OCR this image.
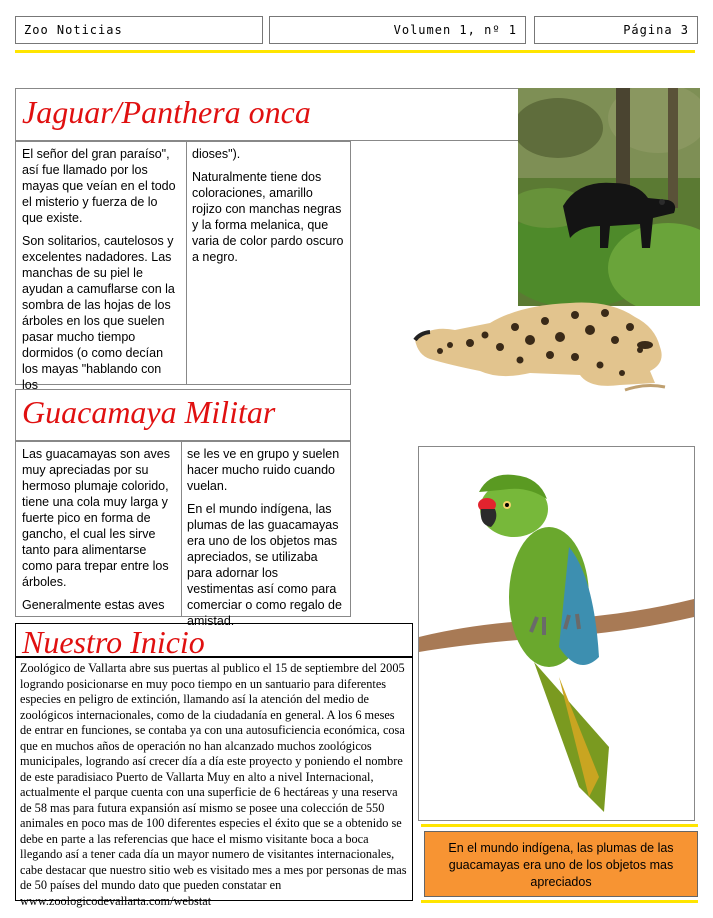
Zoo Noticias	Volumen 1, nº 1	Página 3
Jaguar/Panthera onca

El señor del gran paraíso", así fue llamado por los mayas que veían en el todo el misterio y fuerza de lo que existe.

Son solitarios, cautelosos y excelentes nadadores. Las manchas de su piel le ayudan a camuflarse con la sombra de las hojas de los árboles en los que suelen pasar mucho tiempo dormidos (o como decían los mayas "hablando con los

dioses").

Naturalmente tiene dos coloraciones, amarillo rojizo con manchas negras y la forma melanica, que varia de color pardo oscuro a negro.

Guacamaya Militar

Las guacamayas son aves muy apreciadas por su hermoso plumaje colorido, tiene una cola muy larga y fuerte pico en forma de gancho, el cual les sirve tanto para alimentarse como para trepar entre los árboles.

Generalmente estas aves

se les ve en grupo y suelen hacer mucho ruido cuando vuelan.

En el mundo indígena, las plumas de las guacamayas era uno de los objetos mas apreciados, se utilizaba para adornar los vestimentas así como para comerciar o como regalo de amistad.

Nuestro Inicio
Zoológico de Vallarta abre sus puertas al publico el 15 de septiembre del 2005 logrando posicionarse en muy poco tiempo en un santuario para diferentes especies en peligro de extinción, llamando así la atención del medio de zoológicos internacionales, como de la ciudadanía en general. A los 6 meses de entrar en funciones, se contaba ya con una autosuficiencia económica, cosa que en muchos años de operación no han alcanzado muchos zoológicos municipales, logrando así crecer día a día este proyecto y poniendo el nombre de este paradisiaco Puerto de Vallarta Muy en alto a nivel Internacional, actualmente el parque cuenta con una superficie de 6 hectáreas y una reserva de 58 mas para futura expansión así mismo se posee una colección de 550 animales en poco mas de 100 diferentes especies el éxito que se a obtenido se debe en parte a las referencias que hace el mismo visitante boca a boca llegando así a tener cada día un mayor numero de visitantes internacionales, cabe destacar que nuestro sitio web es visitado mes a mes por personas de mas de 50 países del mundo dato que pueden constatar en www.zoologicodevallarta.com/webstat
En el mundo indígena, las plumas de las guacamayas era uno de los objetos mas apreciados
